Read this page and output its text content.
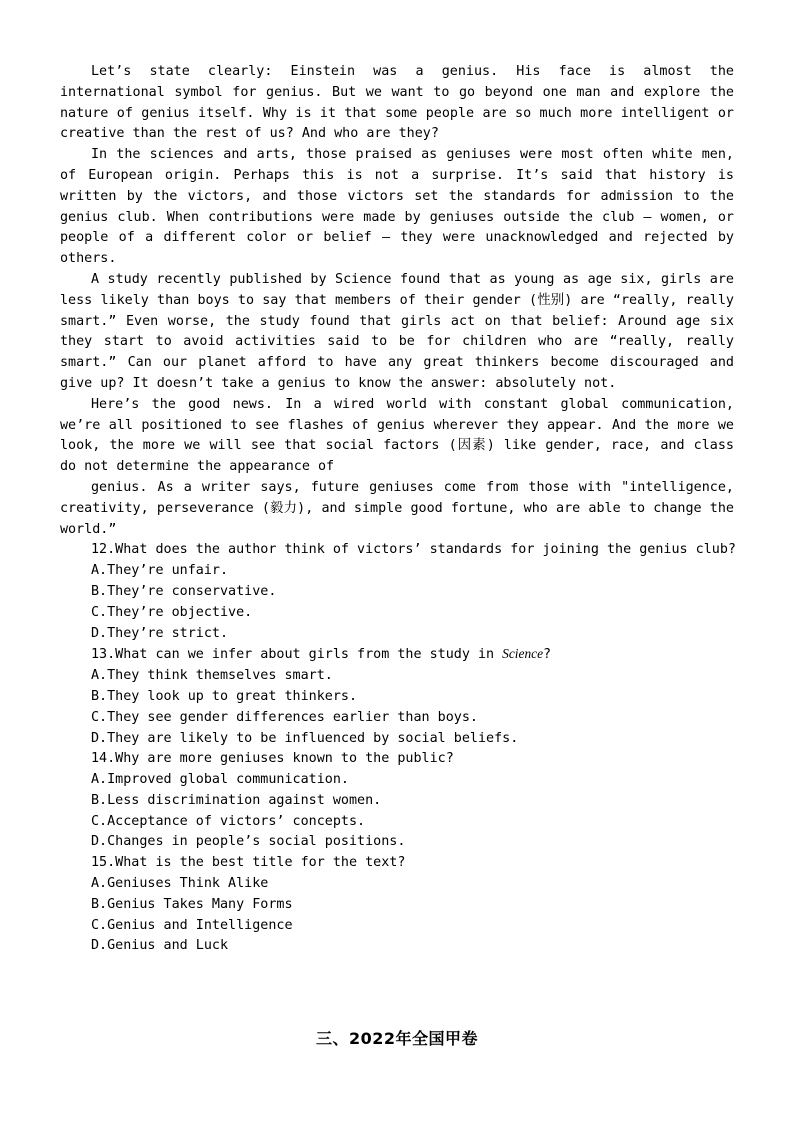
Let’s state clearly: Einstein was a genius. His face is almost the international symbol for genius. But we want to go beyond one man and explore the nature of genius itself. Why is it that some people are so much more intelligent or creative than the rest of us? And who are they?

In the sciences and arts, those praised as geniuses were most often white men, of European origin. Perhaps this is not a surprise. It’s said that history is written by the victors, and those victors set the standards for admission to the genius club. When contributions were made by geniuses outside the club — women, or people of a different color or belief — they were unacknowledged and rejected by others.

A study recently published by Science found that as young as age six, girls are less likely than boys to say that members of their gender (性别) are “really, really smart.” Even worse, the study found that girls act on that belief: Around age six they start to avoid activities said to be for children who are “really, really smart.” Can our planet afford to have any great thinkers become discouraged and give up? It doesn’t take a genius to know the answer: absolutely not.

Here’s the good news. In a wired world with constant global communication, we’re all positioned to see flashes of genius wherever they appear. And the more we look, the more we will see that social factors (因素) like gender, race, and class do not determine the appearance of

genius. As a writer says, future geniuses come from those with "intelligence, creativity, perseverance (毅力), and simple good fortune, who are able to change the world.”

12.What does the author think of victors’ standards for joining the genius club?

A.They’re unfair.

B.They’re conservative.

C.They’re objective.

D.They’re strict.

13.What can we infer about girls from the study in Science?

A.They think themselves smart.

B.They look up to great thinkers.

C.They see gender differences earlier than boys.

D.They are likely to be influenced by social beliefs.

14.Why are more geniuses known to the public?

A.Improved global communication.

B.Less discrimination against women.

C.Acceptance of victors’ concepts.

D.Changes in people’s social positions.

15.What is the best title for the text?

A.Geniuses Think Alike

B.Genius Takes Many Forms

C.Genius and Intelligence

D.Genius and Luck

三、2022年全国甲卷
